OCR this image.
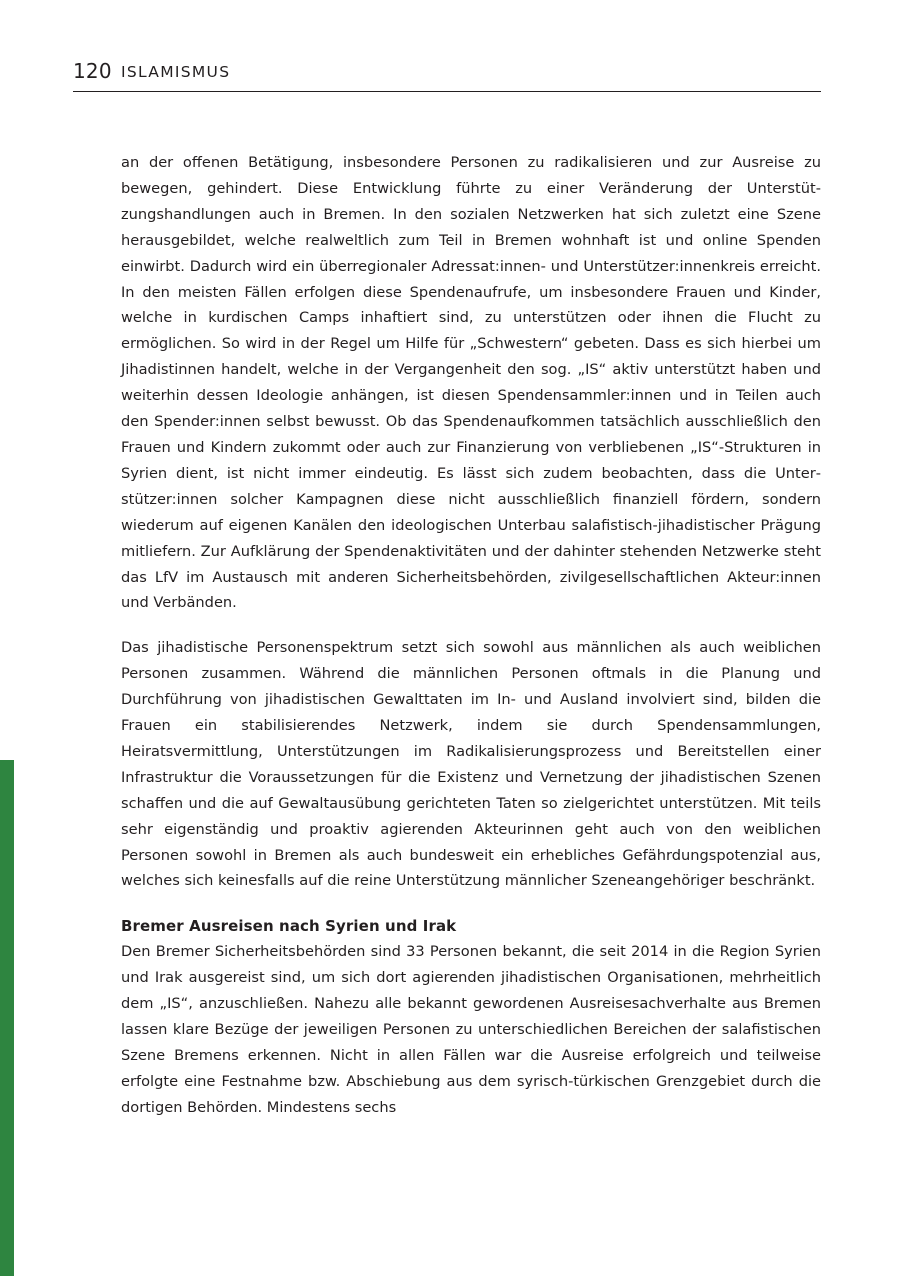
120 ISLAMISMUS

an der offenen Betätigung, insbesondere Personen zu radikalisieren und zur Ausreise zu bewegen, gehindert. Diese Entwicklung führte zu einer Veränderung der Unterstützungshandlungen auch in Bremen. In den sozialen Netzwerken hat sich zuletzt eine Szene herausgebildet, welche realweltlich zum Teil in Bremen wohnhaft ist und online Spenden einwirbt. Dadurch wird ein überregionaler Adressat:innen- und Unterstützer:innenkreis erreicht. In den meisten Fällen erfolgen diese Spendenaufrufe, um insbesondere Frauen und Kinder, welche in kurdischen Camps inhaftiert sind, zu unterstützen oder ihnen die Flucht zu ermöglichen. So wird in der Regel um Hilfe für „Schwestern“ gebeten. Dass es sich hierbei um Jihadistinnen handelt, welche in der Vergangenheit den sog. „IS“ aktiv unterstützt haben und weiterhin dessen Ideologie anhängen, ist diesen Spendensammler:innen und in Teilen auch den Spender:innen selbst bewusst. Ob das Spendenaufkommen tatsächlich ausschließlich den Frauen und Kindern zukommt oder auch zur Finanzierung von verbliebenen „IS“-Strukturen in Syrien dient, ist nicht immer eindeutig. Es lässt sich zudem beobachten, dass die Unterstützer:innen solcher Kampagnen diese nicht ausschließlich finanziell fördern, sondern wiederum auf eigenen Kanälen den ideologischen Unterbau salafistisch-jihadistischer Prägung mitliefern. Zur Aufklärung der Spendenaktivitäten und der dahinter stehenden Netzwerke steht das LfV im Austausch mit anderen Sicherheitsbehörden, zivilgesellschaftlichen Akteur:innen und Verbänden.

Das jihadistische Personenspektrum setzt sich sowohl aus männlichen als auch weiblichen Personen zusammen. Während die männlichen Personen oftmals in die Planung und Durchführung von jihadistischen Gewalttaten im In- und Ausland involviert sind, bilden die Frauen ein stabilisierendes Netzwerk, indem sie durch Spendensammlungen, Heiratsvermittlung, Unterstützungen im Radikalisierungsprozess und Bereitstellen einer Infrastruktur die Voraussetzungen für die Existenz und Vernetzung der jihadistischen Szenen schaffen und die auf Gewaltausübung gerichteten Taten so zielgerichtet unterstützen. Mit teils sehr eigenständig und proaktiv agierenden Akteurinnen geht auch von den weiblichen Personen sowohl in Bremen als auch bundesweit ein erhebliches Gefährdungspotenzial aus, welches sich keinesfalls auf die reine Unterstützung männlicher Szeneangehöriger beschränkt.

Bremer Ausreisen nach Syrien und Irak

Den Bremer Sicherheitsbehörden sind 33 Personen bekannt, die seit 2014 in die Region Syrien und Irak ausgereist sind, um sich dort agierenden jihadistischen Organisationen, mehrheitlich dem „IS“, anzuschließen. Nahezu alle bekannt gewordenen Ausreisesachverhalte aus Bremen lassen klare Bezüge der jeweiligen Personen zu unterschiedlichen Bereichen der salafistischen Szene Bremens erkennen. Nicht in allen Fällen war die Ausreise erfolgreich und teilweise erfolgte eine Festnahme bzw. Abschiebung aus dem syrisch-türkischen Grenzgebiet durch die dortigen Behörden. Mindestens sechs
